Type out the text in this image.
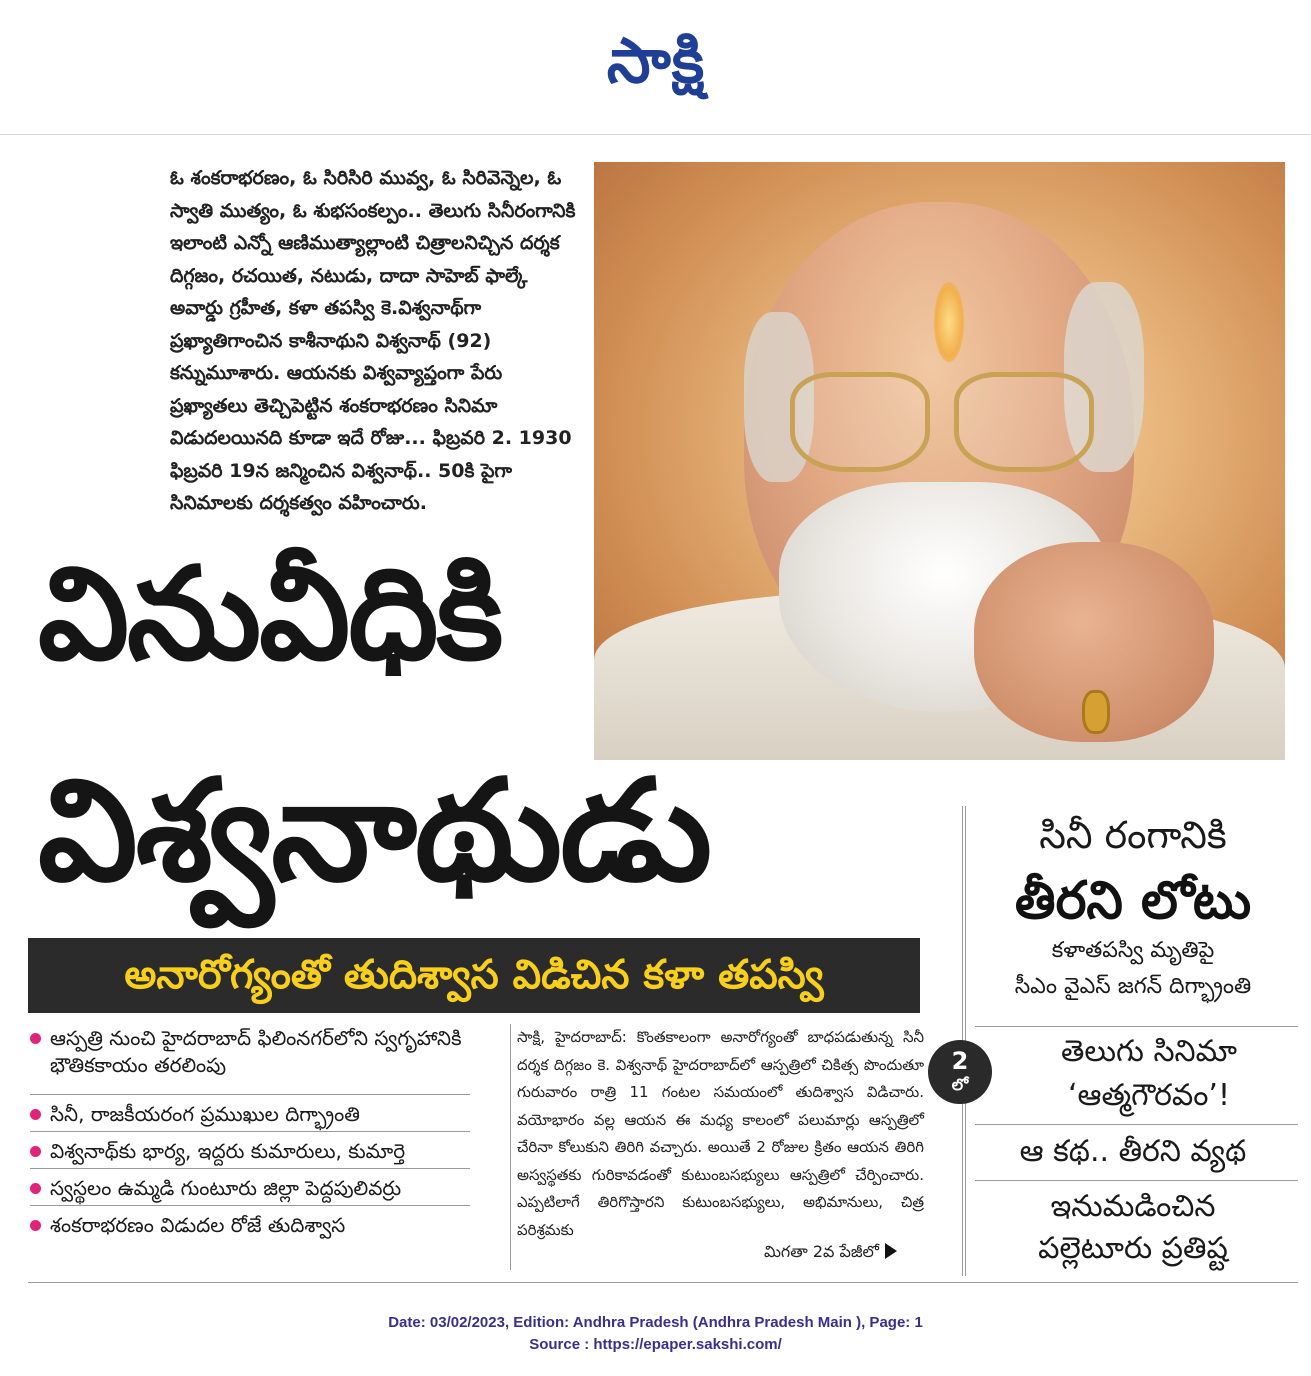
సాక్షి
ఓ శంకరాభరణం, ఓ సిరిసిరి మువ్వ, ఓ సిరివెన్నెల, ఓ స్వాతి ముత్యం, ఓ శుభసంకల్పం.. తెలుగు సినీరంగానికి ఇలాంటి ఎన్నో ఆణిముత్యాల్లాంటి చిత్రాలనిచ్చిన దర్శక దిగ్గజం, రచయిత, నటుడు, దాదా సాహెబ్ ఫాల్కే అవార్డు గ్రహీత, కళా తపస్వి కె.విశ్వనాథ్‌గా ప్రఖ్యాతిగాంచిన కాశీనాథుని విశ్వనాథ్ (92) కన్నుమూశారు. ఆయనకు విశ్వవ్యాప్తంగా పేరు ప్రఖ్యాతలు తెచ్చిపెట్టిన శంకరాభరణం సినిమా విడుదలయినది కూడా ఇదే రోజు... ఫిబ్రవరి 2. 1930 ఫిబ్రవరి 19న జన్మించిన విశ్వనాథ్.. 50కి పైగా సినిమాలకు దర్శకత్వం వహించారు.
వినువీధికి
విశ్వనాథుడు
అనారోగ్యంతో తుదిశ్వాస విడిచిన కళా తపస్వి
ఆస్పత్రి నుంచి హైదరాబాద్ ఫిలింనగర్‌లోని స్వగృహానికి భౌతికకాయం తరలింపు
సినీ, రాజకీయరంగ ప్రముఖుల దిగ్భ్రాంతి
విశ్వనాథ్‌కు భార్య, ఇద్దరు కుమారులు, కుమార్తె
స్వస్థలం ఉమ్మడి గుంటూరు జిల్లా పెద్దపులివర్రు
శంకరాభరణం విడుదల రోజే తుదిశ్వాస
సాక్షి, హైదరాబాద్: కొంతకాలంగా అనారోగ్యంతో బాధపడుతున్న సినీ దర్శక దిగ్గజం కె. విశ్వనాథ్ హైదరాబాద్‌లో ఆస్పత్రిలో చికిత్స పొందుతూ గురువారం రాత్రి 11 గంటల సమయంలో తుదిశ్వాస విడిచారు. వయోభారం వల్ల ఆయన ఈ మధ్య కాలంలో పలుమార్లు ఆస్పత్రిలో చేరినా కోలుకుని తిరిగి వచ్చారు. అయితే 2 రోజుల క్రితం ఆయన తిరిగి అస్వస్థతకు గురికావడంతో కుటుంబసభ్యులు ఆస్పత్రిలో చేర్పించారు. ఎప్పటిలాగే తిరిగొస్తారని కుటుంబసభ్యులు, అభిమానులు, చిత్ర పరిశ్రమకు
మిగతా 2వ పేజీలో
సినీ రంగానికి
తీరని లోటు
కళాతపస్వి మృతిపై
సీఎం వైఎస్ జగన్ దిగ్భ్రాంతి
2
లో
తెలుగు సినిమా
‘ఆత్మగౌరవం’!
ఆ కథ.. తీరని వ్యథ
ఇనుమడించిన
పల్లెటూరు ప్రతిష్ట
Date: 03/02/2023, Edition: Andhra Pradesh (Andhra Pradesh Main ), Page: 1
Source : https://epaper.sakshi.com/
